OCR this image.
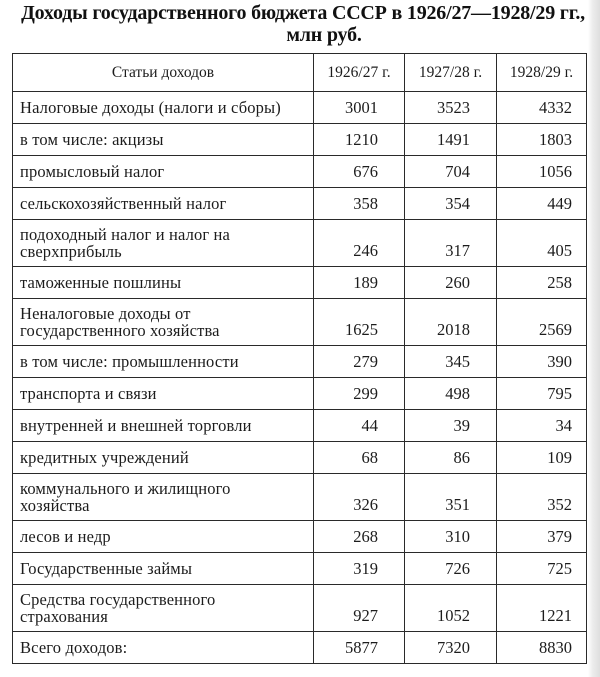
Доходы государственного бюджета СССР в 1926/27—1928/29 гг.,
млн руб.
Статьи доходов	1926/27 г.	1927/28 г.	1928/29 г.
Налоговые доходы (налоги и сборы)	3001	3523	4332
в том числе: акцизы	1210	1491	1803
промысловый налог	676	704	1056
сельскохозяйственный налог	358	354	449

подоходный налог и налог на
сверхприбыль	246	317	405
таможенные пошлины	189	260	258

Неналоговые доходы от
государственного хозяйства	1625	2018	2569
в том числе: промышленности	279	345	390
транспорта и связи	299	498	795
внутренней и внешней торговли	44	39	34
кредитных учреждений	68	86	109

коммунального и жилищного
хозяйства	326	351	352
лесов и недр	268	310	379
Государственные займы	319	726	725

Средства государственного
страхования	927	1052	1221
Всего доходов:	5877	7320	8830
